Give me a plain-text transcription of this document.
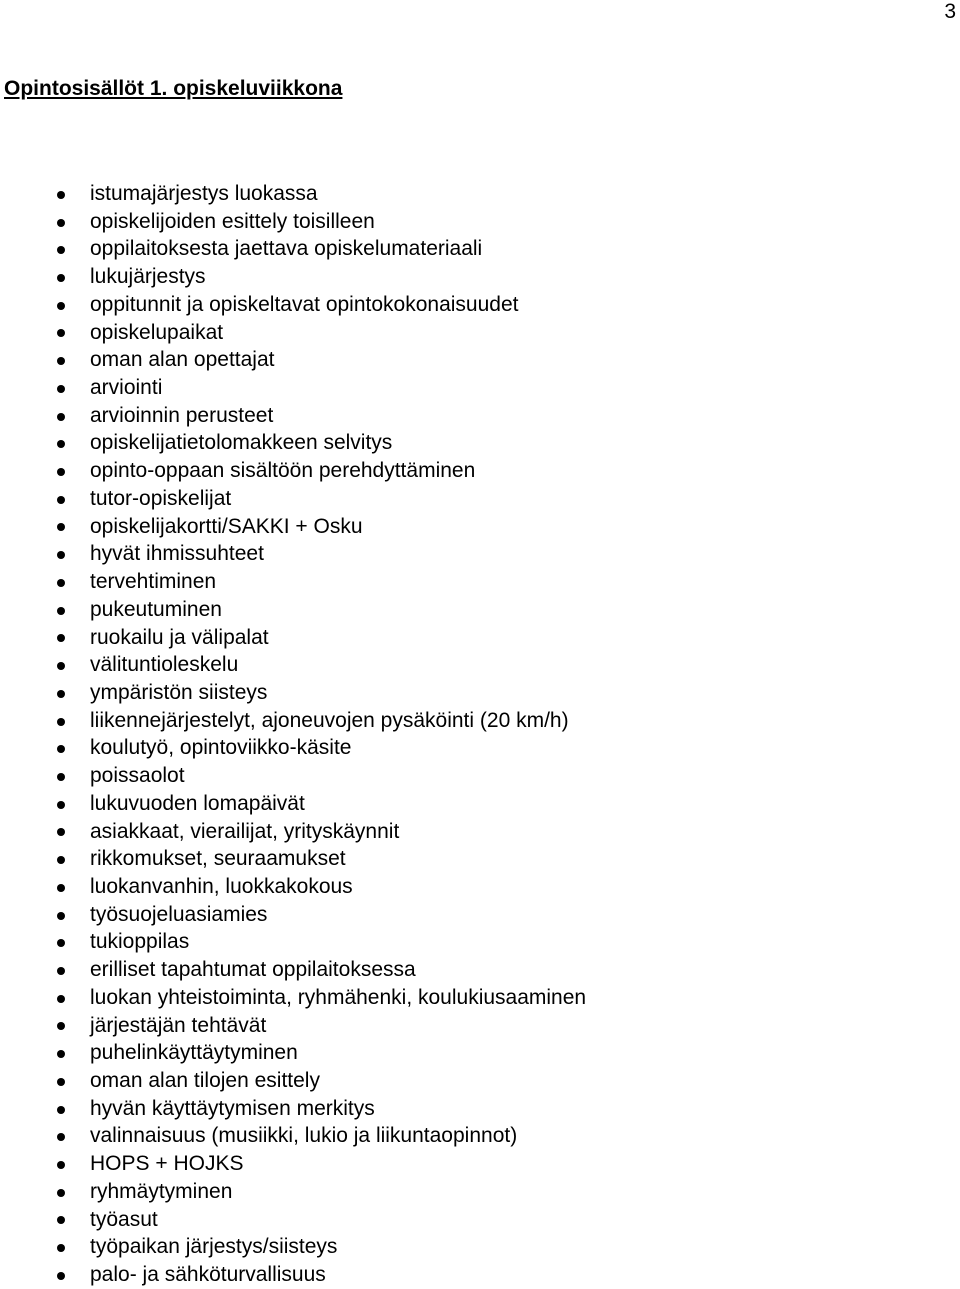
3
Opintosisällöt 1. opiskeluviikkona
istumajärjestys luokassa
opiskelijoiden esittely toisilleen
oppilaitoksesta jaettava opiskelumateriaali
lukujärjestys
oppitunnit ja opiskeltavat opintokokonaisuudet
opiskelupaikat
oman alan opettajat
arviointi
arvioinnin perusteet
opiskelijatietolomakkeen selvitys
opinto-oppaan sisältöön perehdyttäminen
tutor-opiskelijat
opiskelijakortti/SAKKI + Osku
hyvät ihmissuhteet
tervehtiminen
pukeutuminen
ruokailu ja välipalat
välituntioleskelu
ympäristön siisteys
liikennejärjestelyt, ajoneuvojen pysäköinti (20 km/h)
koulutyö, opintoviikko-käsite
poissaolot
lukuvuoden lomapäivät
asiakkaat, vierailijat, yrityskäynnit
rikkomukset, seuraamukset
luokanvanhin, luokkakokous
työsuojeluasiamies
tukioppilas
erilliset tapahtumat oppilaitoksessa
luokan yhteistoiminta, ryhmähenki, koulukiusaaminen
järjestäjän tehtävät
puhelinkäyttäytyminen
oman alan tilojen esittely
hyvän käyttäytymisen merkitys
valinnaisuus (musiikki, lukio ja liikuntaopinnot)
HOPS + HOJKS
ryhmäytyminen
työasut
työpaikan järjestys/siisteys
palo- ja sähköturvallisuus
